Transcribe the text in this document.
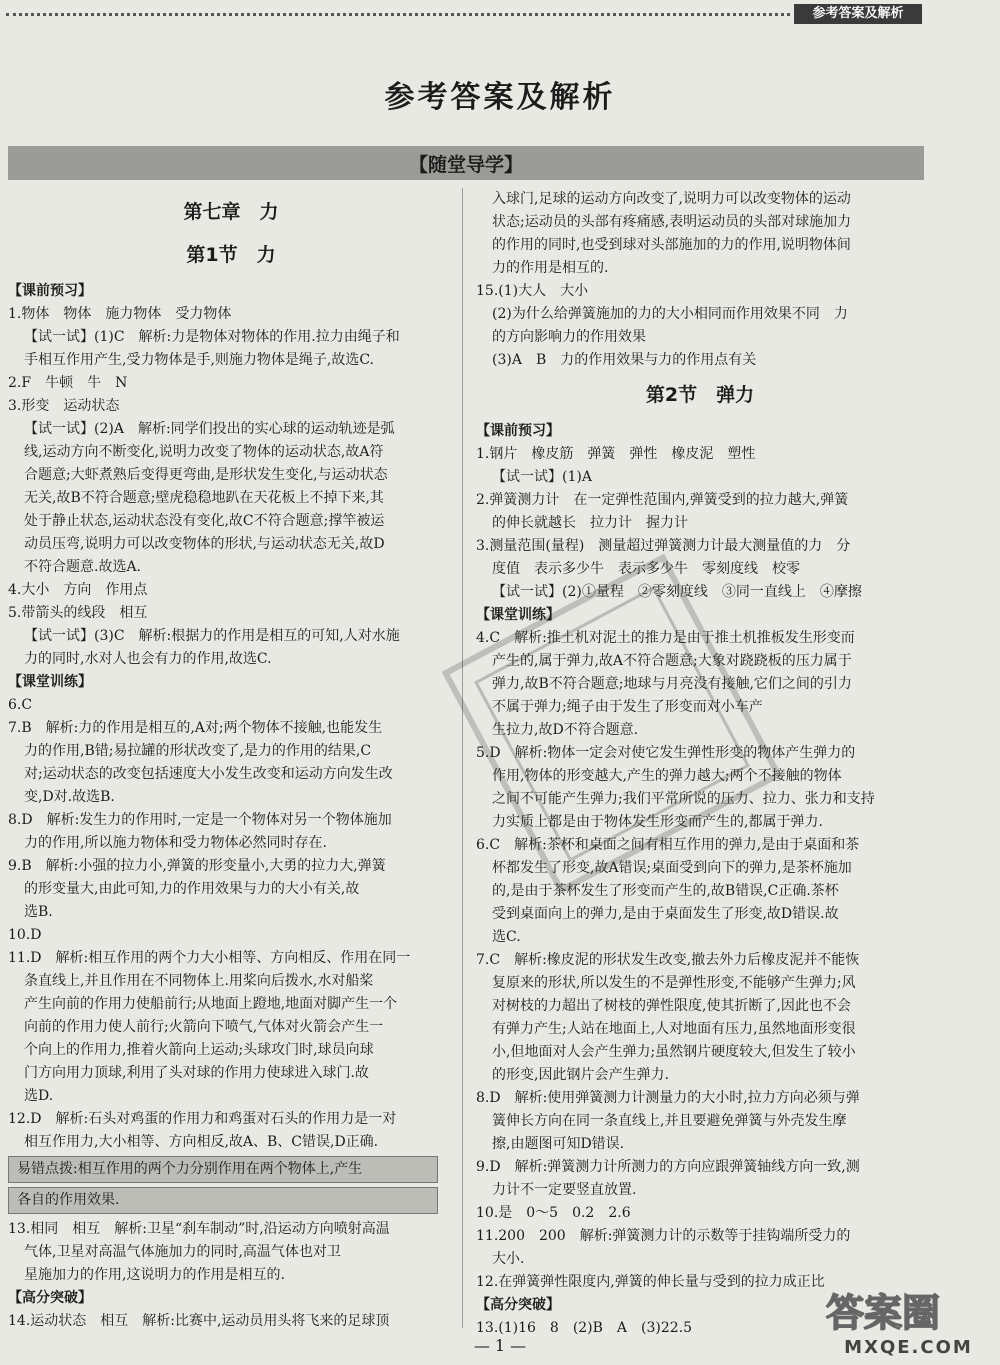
参考答案及解析
参考答案及解析
【随堂导学】
第七章　力
第1节　力
【课前预习】
1.物体　物体　施力物体　受力物体
【试一试】(1)C　解析:力是物体对物体的作用.拉力由绳子和
手相互作用产生,受力物体是手,则施力物体是绳子,故选C.
2.F　牛顿　牛　N
3.形变　运动状态
【试一试】(2)A　解析:同学们投出的实心球的运动轨迹是弧
线,运动方向不断变化,说明力改变了物体的运动状态,故A符
合题意;大虾煮熟后变得更弯曲,是形状发生变化,与运动状态
无关,故B不符合题意;壁虎稳稳地趴在天花板上不掉下来,其
处于静止状态,运动状态没有变化,故C不符合题意;撑竿被运
动员压弯,说明力可以改变物体的形状,与运动状态无关,故D
不符合题意.故选A.
4.大小　方向　作用点
5.带箭头的线段　相互
【试一试】(3)C　解析:根据力的作用是相互的可知,人对水施
力的同时,水对人也会有力的作用,故选C.
【课堂训练】
6.C
7.B　解析:力的作用是相互的,A对;两个物体不接触,也能发生
力的作用,B错;易拉罐的形状改变了,是力的作用的结果,C
对;运动状态的改变包括速度大小发生改变和运动方向发生改
变,D对.故选B.
8.D　解析:发生力的作用时,一定是一个物体对另一个物体施加
力的作用,所以施力物体和受力物体必然同时存在.
9.B　解析:小强的拉力小,弹簧的形变量小,大勇的拉力大,弹簧
的形变量大,由此可知,力的作用效果与力的大小有关,故
选B.
10.D
11.D　解析:相互作用的两个力大小相等、方向相反、作用在同一
条直线上,并且作用在不同物体上.用桨向后拨水,水对船桨
产生向前的作用力使船前行;从地面上蹬地,地面对脚产生一个
向前的作用力使人前行;火箭向下喷气,气体对火箭会产生一
个向上的作用力,推着火箭向上运动;头球攻门时,球员向球
门方向用力顶球,利用了头对球的作用力使球进入球门.故
选D.
12.D　解析:石头对鸡蛋的作用力和鸡蛋对石头的作用力是一对
相互作用力,大小相等、方向相反,故A、B、C错误,D正确.
易错点拨:相互作用的两个力分别作用在两个物体上,产生
各自的作用效果.
13.相同　相互　解析:卫星“刹车制动”时,沿运动方向喷射高温
气体,卫星对高温气体施加力的同时,高温气体也对卫
星施加力的作用,这说明力的作用是相互的.
【高分突破】
14.运动状态　相互　解析:比赛中,运动员用头将飞来的足球顶
入球门,足球的运动方向改变了,说明力可以改变物体的运动
状态;运动员的头部有疼痛感,表明运动员的头部对球施加力
的作用的同时,也受到球对头部施加的力的作用,说明物体间
力的作用是相互的.
15.(1)大人　大小
(2)为什么给弹簧施加的力的大小相同而作用效果不同　力
的方向影响力的作用效果
(3)A　B　力的作用效果与力的作用点有关
第2节　弹力
【课前预习】
1.钢片　橡皮筋　弹簧　弹性　橡皮泥　塑性
【试一试】(1)A
2.弹簧测力计　在一定弹性范围内,弹簧受到的拉力越大,弹簧
的伸长就越长　拉力计　握力计
3.测量范围(量程)　测量超过弹簧测力计最大测量值的力　分
度值　表示多少牛　表示多少牛　零刻度线　校零
【试一试】(2)①量程　②零刻度线　③同一直线上　④摩擦
【课堂训练】
4.C　解析:推土机对泥土的推力是由于推土机推板发生形变而
产生的,属于弹力,故A不符合题意;大象对跷跷板的压力属于
弹力,故B不符合题意;地球与月亮没有接触,它们之间的引力
不属于弹力;绳子由于发生了形变而对小车产
生拉力,故D不符合题意.
5.D　解析:物体一定会对使它发生弹性形变的物体产生弹力的
作用,物体的形变越大,产生的弹力越大;两个不接触的物体
之间不可能产生弹力;我们平常所说的压力、拉力、张力和支持
力实质上都是由于物体发生形变而产生的,都属于弹力.
6.C　解析:茶杯和桌面之间有相互作用的弹力,是由于桌面和茶
杯都发生了形变,故A错误;桌面受到向下的弹力,是茶杯施加
的,是由于茶杯发生了形变而产生的,故B错误,C正确.茶杯
受到桌面向上的弹力,是由于桌面发生了形变,故D错误.故
选C.
7.C　解析:橡皮泥的形状发生改变,撤去外力后橡皮泥并不能恢
复原来的形状,所以发生的不是弹性形变,不能够产生弹力;风
对树枝的力超出了树枝的弹性限度,使其折断了,因此也不会
有弹力产生;人站在地面上,人对地面有压力,虽然地面形变很
小,但地面对人会产生弹力;虽然钢片硬度较大,但发生了较小
的形变,因此钢片会产生弹力.
8.D　解析:使用弹簧测力计测量力的大小时,拉力方向必须与弹
簧伸长方向在同一条直线上,并且要避免弹簧与外壳发生摩
擦,由题图可知D错误.
9.D　解析:弹簧测力计所测力的方向应跟弹簧轴线方向一致,测
力计不一定要竖直放置.
10.是　0～5　0.2　2.6
11.200　200　解析:弹簧测力计的示数等于挂钩端所受力的
大小.
12.在弹簧弹性限度内,弹簧的伸长量与受到的拉力成正比
【高分突破】
13.(1)16　8　(2)B　A　(3)22.5
— 1 —
答案圈
MXQE.COM
